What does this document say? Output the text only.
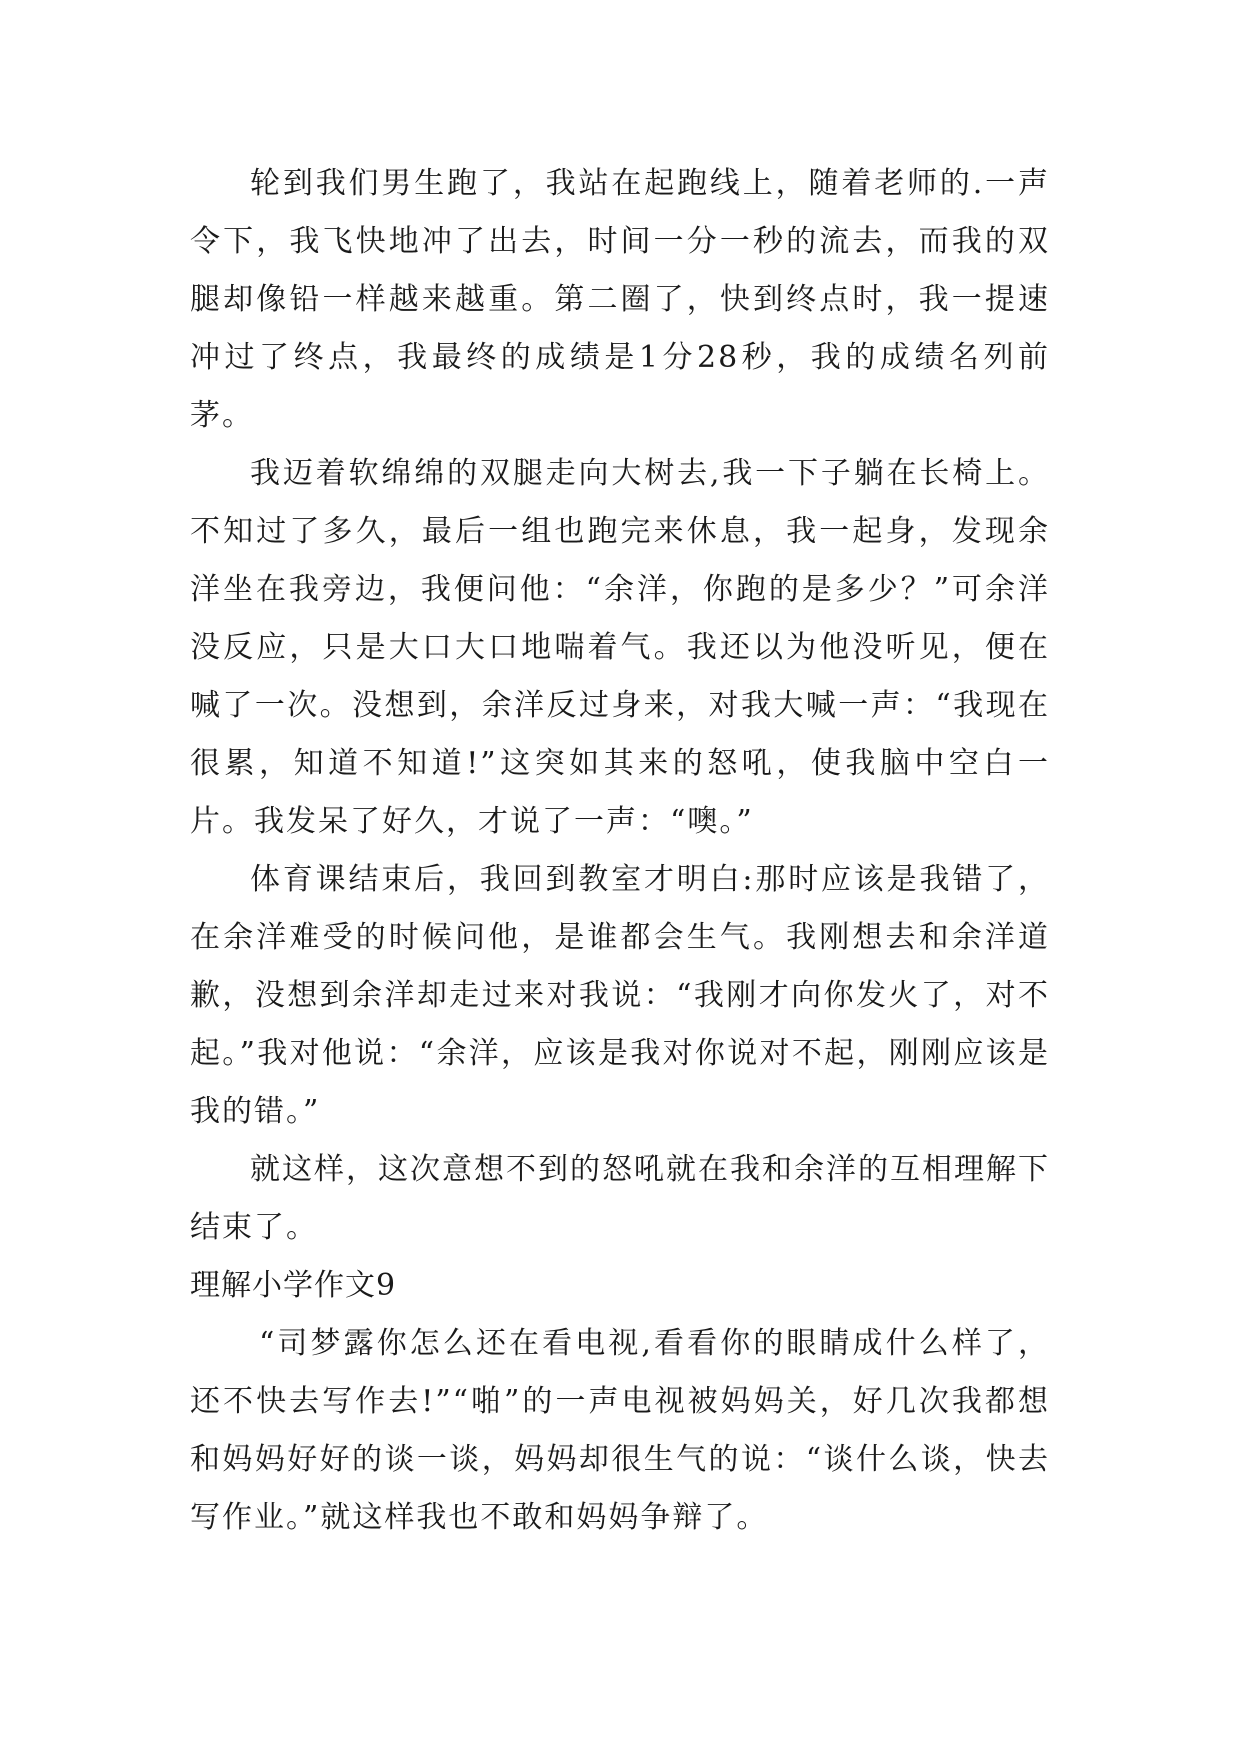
轮到我们男生跑了，我站在起跑线上，随着老师的.一声令下，我飞快地冲了出去，时间一分一秒的流去，而我的双腿却像铅一样越来越重。第二圈了，快到终点时，我一提速冲过了终点，我最终的成绩是1分28秒，我的成绩名列前茅。

我迈着软绵绵的双腿走向大树去,我一下子躺在长椅上。不知过了多久，最后一组也跑完来休息，我一起身，发现余洋坐在我旁边，我便问他：“余洋，你跑的是多少？”可余洋没反应，只是大口大口地喘着气。我还以为他没听见，便在喊了一次。没想到，余洋反过身来，对我大喊一声：“我现在很累，知道不知道!”这突如其来的怒吼，使我脑中空白一片。我发呆了好久，才说了一声：“噢。”

体育课结束后，我回到教室才明白:那时应该是我错了，在余洋难受的时候问他，是谁都会生气。我刚想去和余洋道歉，没想到余洋却走过来对我说：“我刚才向你发火了，对不起。”我对他说：“余洋，应该是我对你说对不起，刚刚应该是我的错。”

就这样，这次意想不到的怒吼就在我和余洋的互相理解下结束了。

理解小学作文9

“司梦露你怎么还在看电视,看看你的眼睛成什么样了，还不快去写作去!”“啪”的一声电视被妈妈关，好几次我都想和妈妈好好的谈一谈，妈妈却很生气的说：“谈什么谈，快去写作业。”就这样我也不敢和妈妈争辩了。
